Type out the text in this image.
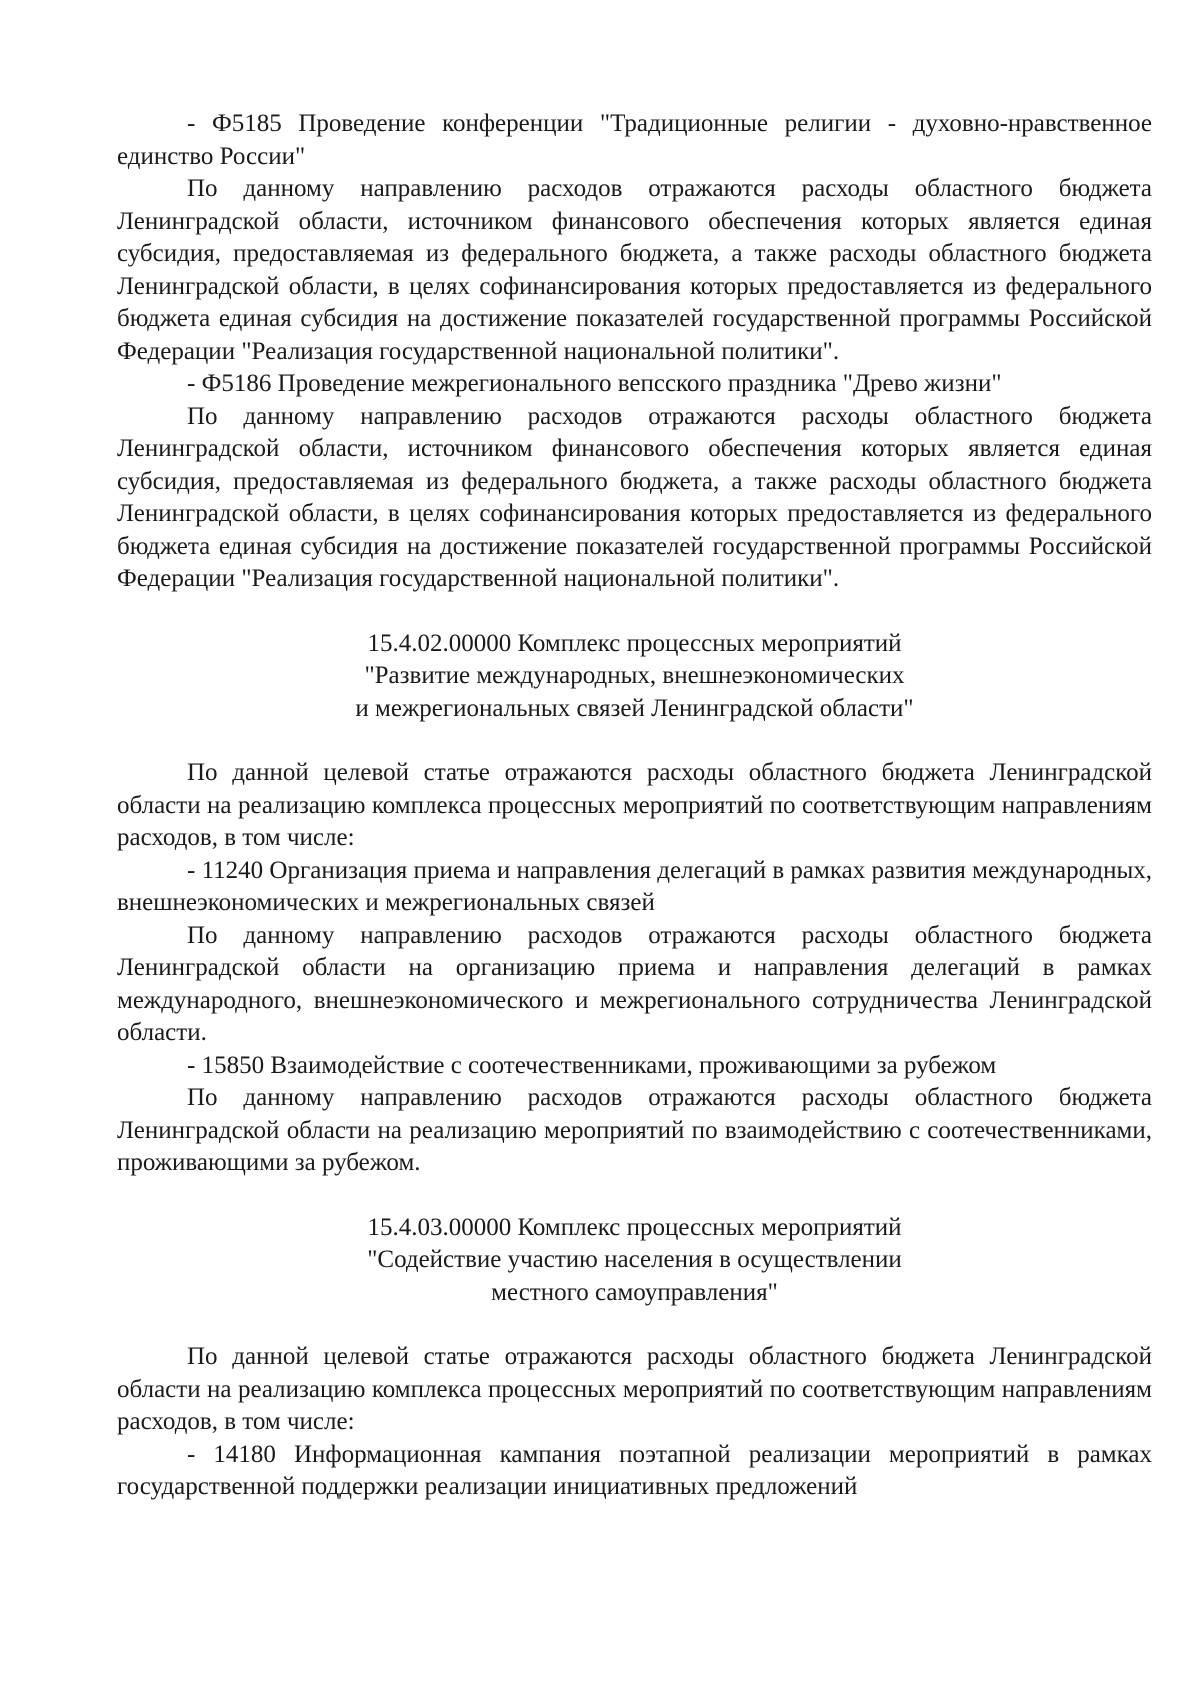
- Ф5185 Проведение конференции "Традиционные религии - духовно-нравственное единство России"

По данному направлению расходов отражаются расходы областного бюджета Ленинградской области, источником финансового обеспечения которых является единая субсидия, предоставляемая из федерального бюджета, а также расходы областного бюджета Ленинградской области, в целях софинансирования которых предоставляется из федерального бюджета единая субсидия на достижение показателей государственной программы Российской Федерации "Реализация государственной национальной политики".

- Ф5186 Проведение межрегионального вепсского праздника "Древо жизни"

По данному направлению расходов отражаются расходы областного бюджета Ленинградской области, источником финансового обеспечения которых является единая субсидия, предоставляемая из федерального бюджета, а также расходы областного бюджета Ленинградской области, в целях софинансирования которых предоставляется из федерального бюджета единая субсидия на достижение показателей государственной программы Российской Федерации "Реализация государственной национальной политики".

15.4.02.00000 Комплекс процессных мероприятий
"Развитие международных, внешнеэкономических
и межрегиональных связей Ленинградской области"

По данной целевой статье отражаются расходы областного бюджета Ленинградской области на реализацию комплекса процессных мероприятий по соответствующим направлениям расходов, в том числе:

- 11240 Организация приема и направления делегаций в рамках развития международных, внешнеэкономических и межрегиональных связей

По данному направлению расходов отражаются расходы областного бюджета Ленинградской области на организацию приема и направления делегаций в рамках международного, внешнеэкономического и межрегионального сотрудничества Ленинградской области.

- 15850 Взаимодействие с соотечественниками, проживающими за рубежом

По данному направлению расходов отражаются расходы областного бюджета Ленинградской области на реализацию мероприятий по взаимодействию с соотечественниками, проживающими за рубежом.

15.4.03.00000 Комплекс процессных мероприятий
"Содействие участию населения в осуществлении
местного самоуправления"

По данной целевой статье отражаются расходы областного бюджета Ленинградской области на реализацию комплекса процессных мероприятий по соответствующим направлениям расходов, в том числе:

- 14180 Информационная кампания поэтапной реализации мероприятий в рамках государственной поддержки реализации инициативных предложений
